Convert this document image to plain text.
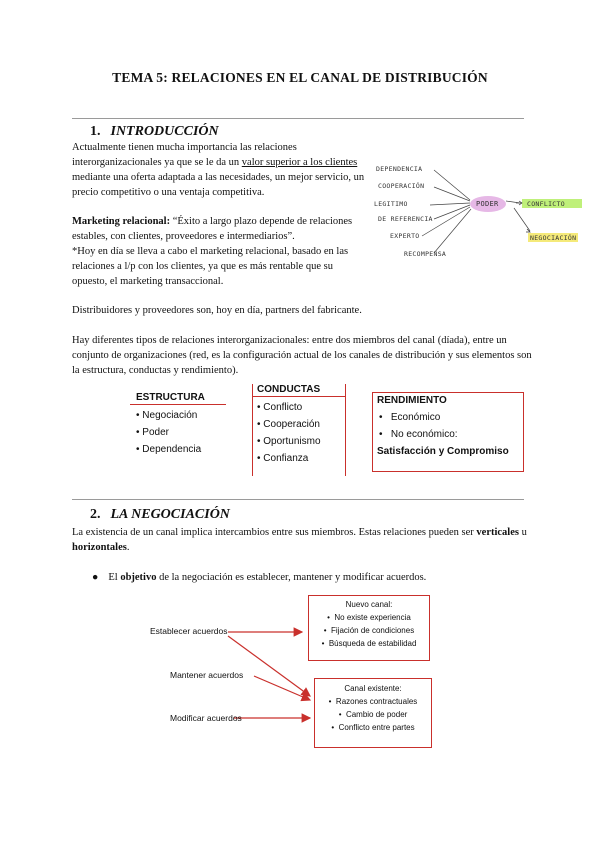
TEMA 5: RELACIONES EN EL CANAL DE DISTRIBUCIÓN
1. INTRODUCCIÓN
Actualmente tienen mucha importancia las relaciones interorganizacionales ya que se le da un valor superior a los clientes mediante una oferta adaptada a las necesidades, un mejor servicio, un precio competitivo o una ventaja competitiva.
Marketing relacional: “Éxito a largo plazo depende de relaciones estables, con clientes, proveedores e intermediarios”.
*Hoy en día se lleva a cabo el marketing relacional, basado en las relaciones a l/p con los clientes, ya que es más rentable que su opuesto, el marketing transaccional.
DEPENDENCIA
COOPERACIÓN
LEGITIMO
DE REFERENCIA
EXPERTO
RECOMPENSA
PODER	CONFLICTO
NEGOCIACIÓN
Distribuidores y proveedores son, hoy en día, partners del fabricante.
Hay diferentes tipos de relaciones interorganizacionales: entre dos miembros del canal (díada), entre un conjunto de organizaciones (red, es la configuración actual de los canales de distribución y sus elementos son la estructura, conductas y rendimiento).
ESTRUCTURA
• Negociación
• Poder
• Dependencia
CONDUCTAS
• Conflicto
• Cooperación
• Oportunismo
• Confianza
RENDIMIENTO
•   Económico
•   No económico:
Satisfacción y Compromiso
2. LA NEGOCIACIÓN
La existencia de un canal implica intercambios entre sus miembros. Estas relaciones pueden ser verticales u horizontales.
● El objetivo de la negociación es establecer, mantener y modificar acuerdos.
Establecer acuerdos
Mantener acuerdos
Modificar acuerdos
Nuevo canal:
•  No existe experiencia
•  Fijación de condiciones
•  Búsqueda de estabilidad
Canal existente:
•  Razones contractuales
•  Cambio de poder
•  Conflicto entre partes
